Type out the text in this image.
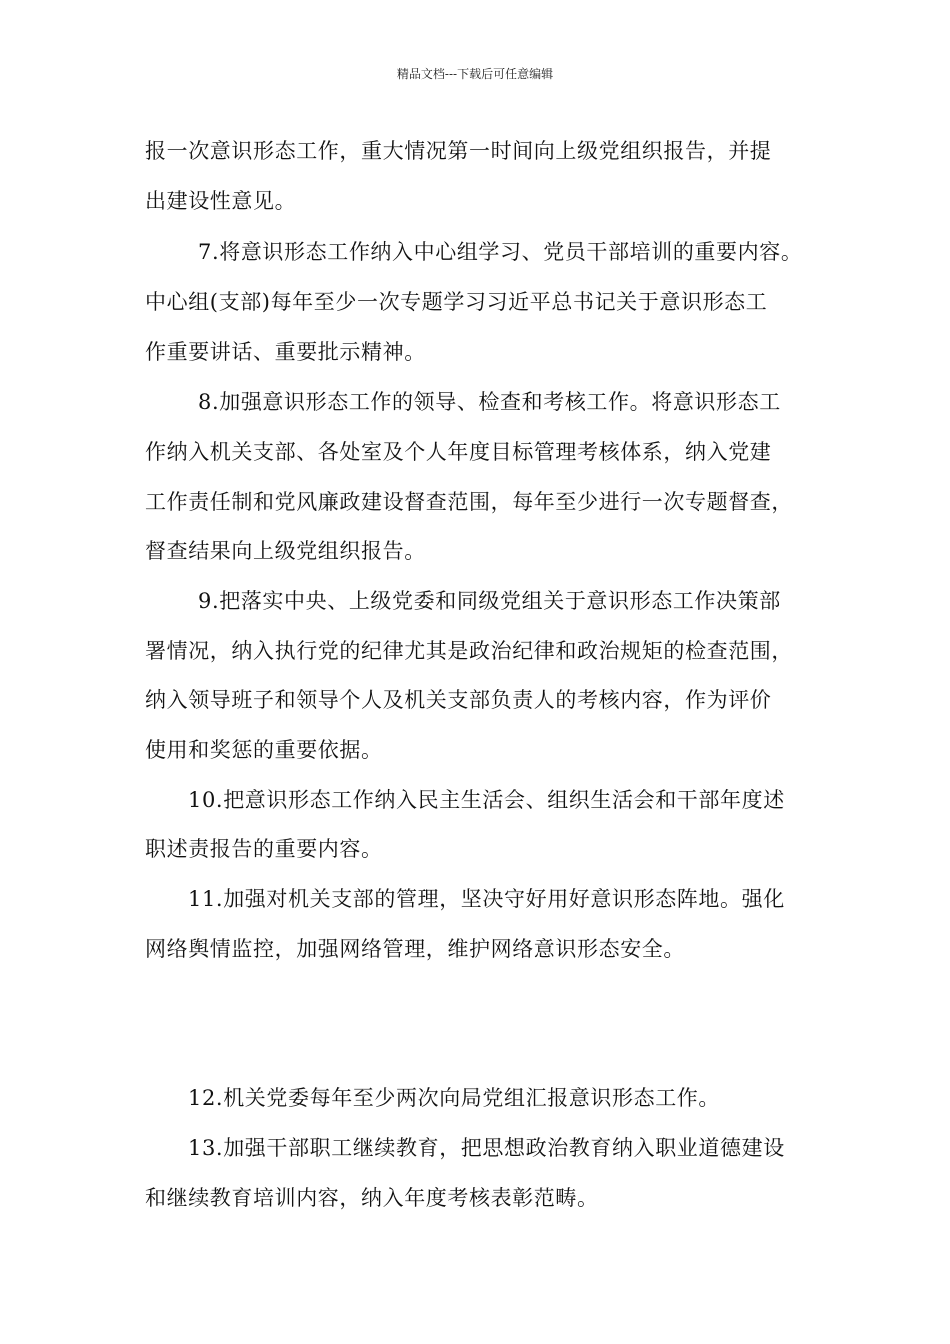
精品文档---下载后可任意编辑
报一次意识形态工作，重大情况第一时间向上级党组织报告，并提
出建设性意见。
7.将意识形态工作纳入中心组学习、党员干部培训的重要内容。
中心组(支部)每年至少一次专题学习习近平总书记关于意识形态工
作重要讲话、重要批示精神。
8.加强意识形态工作的领导、检查和考核工作。将意识形态工
作纳入机关支部、各处室及个人年度目标管理考核体系，纳入党建
工作责任制和党风廉政建设督查范围，每年至少进行一次专题督查，
督查结果向上级党组织报告。
9.把落实中央、上级党委和同级党组关于意识形态工作决策部
署情况，纳入执行党的纪律尤其是政治纪律和政治规矩的检查范围，
纳入领导班子和领导个人及机关支部负责人的考核内容，作为评价
使用和奖惩的重要依据。
10.把意识形态工作纳入民主生活会、组织生活会和干部年度述
职述责报告的重要内容。
11.加强对机关支部的管理，坚决守好用好意识形态阵地。强化
网络舆情监控，加强网络管理，维护网络意识形态安全。
12.机关党委每年至少两次向局党组汇报意识形态工作。
13.加强干部职工继续教育，把思想政治教育纳入职业道德建设
和继续教育培训内容，纳入年度考核表彰范畴。
